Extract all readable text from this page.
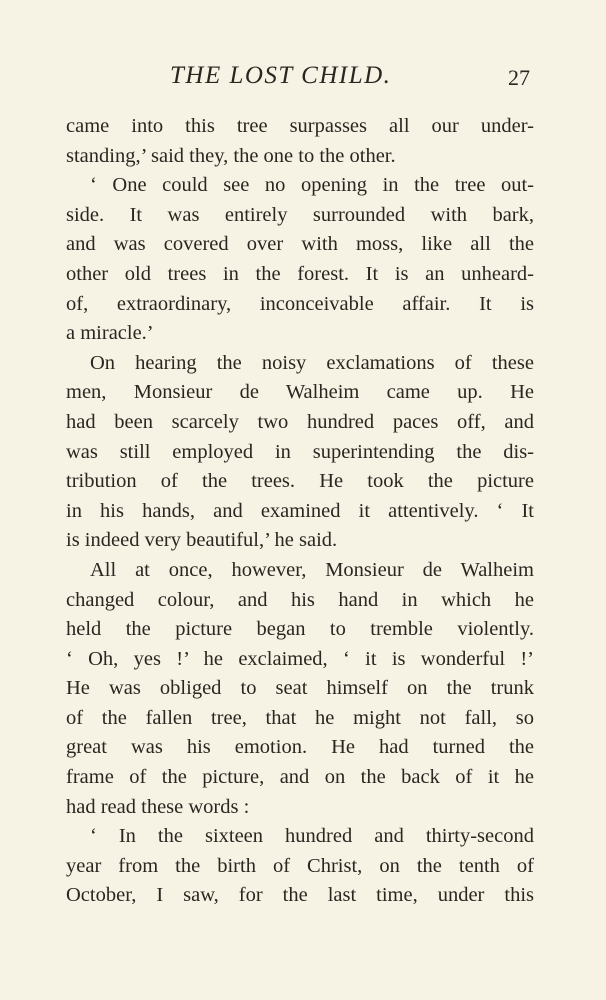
THE LOST CHILD.	27
came into this tree surpasses all our under-
standing,’ said they, the one to the other.
‘ One could see no opening in the tree out-
side. It was entirely surrounded with bark,
and was covered over with moss, like all the
other old trees in the forest. It is an unheard-
of, extraordinary, inconceivable affair. It is
a miracle.’
On hearing the noisy exclamations of these
men, Monsieur de Walheim came up. He
had been scarcely two hundred paces off, and
was still employed in superintending the dis-
tribution of the trees. He took the picture
in his hands, and examined it attentively. ‘ It
is indeed very beautiful,’ he said.
All at once, however, Monsieur de Walheim
changed colour, and his hand in which he
held the picture began to tremble violently.
‘ Oh, yes !’ he exclaimed, ‘ it is wonderful !’
He was obliged to seat himself on the trunk
of the fallen tree, that he might not fall, so
great was his emotion. He had turned the
frame of the picture, and on the back of it he
had read these words :
‘ In the sixteen hundred and thirty-second
year from the birth of Christ, on the tenth of
October, I saw, for the last time, under this
